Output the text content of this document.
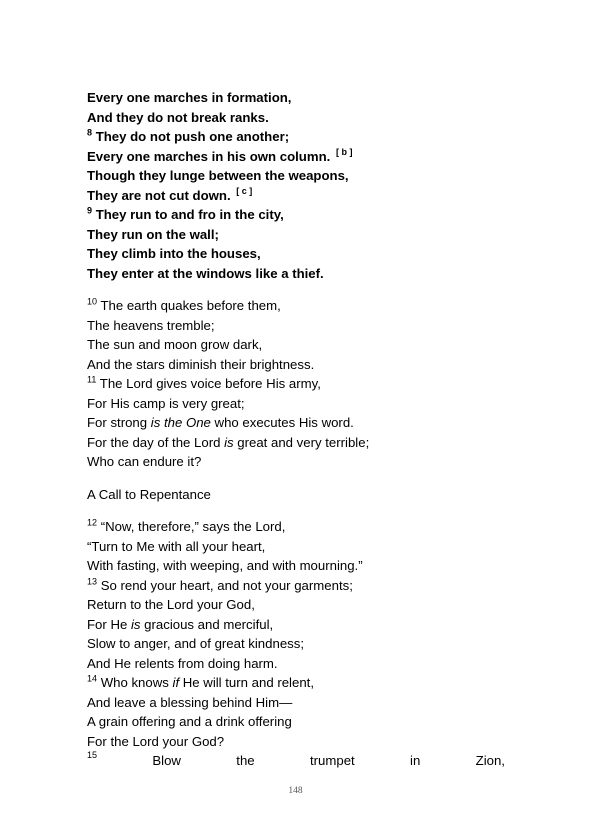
Every one marches in formation,
And they do not break ranks.
$^8$ They do not push one another;
Every one marches in his own column. [ b ]
Though they lunge between the weapons,
They are not cut down. [ c ]
$^9$ They run to and fro in the city,
They run on the wall;
They climb into the houses,
They enter at the windows like a thief.
$^{10}$ The earth quakes before them,
The heavens tremble;
The sun and moon grow dark,
And the stars diminish their brightness.
$^{11}$ The Lord gives voice before His army,
For His camp is very great;
For strong is the One who executes His word.
For the day of the Lord is great and very terrible;
Who can endure it?
A Call to Repentance
$^{12}$ “Now, therefore,” says the Lord,
“Turn to Me with all your heart,
With fasting, with weeping, and with mourning.”
$^{13}$ So rend your heart, and not your garments;
Return to the Lord your God,
For He is gracious and merciful,
Slow to anger, and of great kindness;
And He relents from doing harm.
$^{14}$ Who knows if He will turn and relent,
And leave a blessing behind Him—
A grain offering and a drink offering
For the Lord your God?
15	Blow	the	trumpet	in	Zion,
148
